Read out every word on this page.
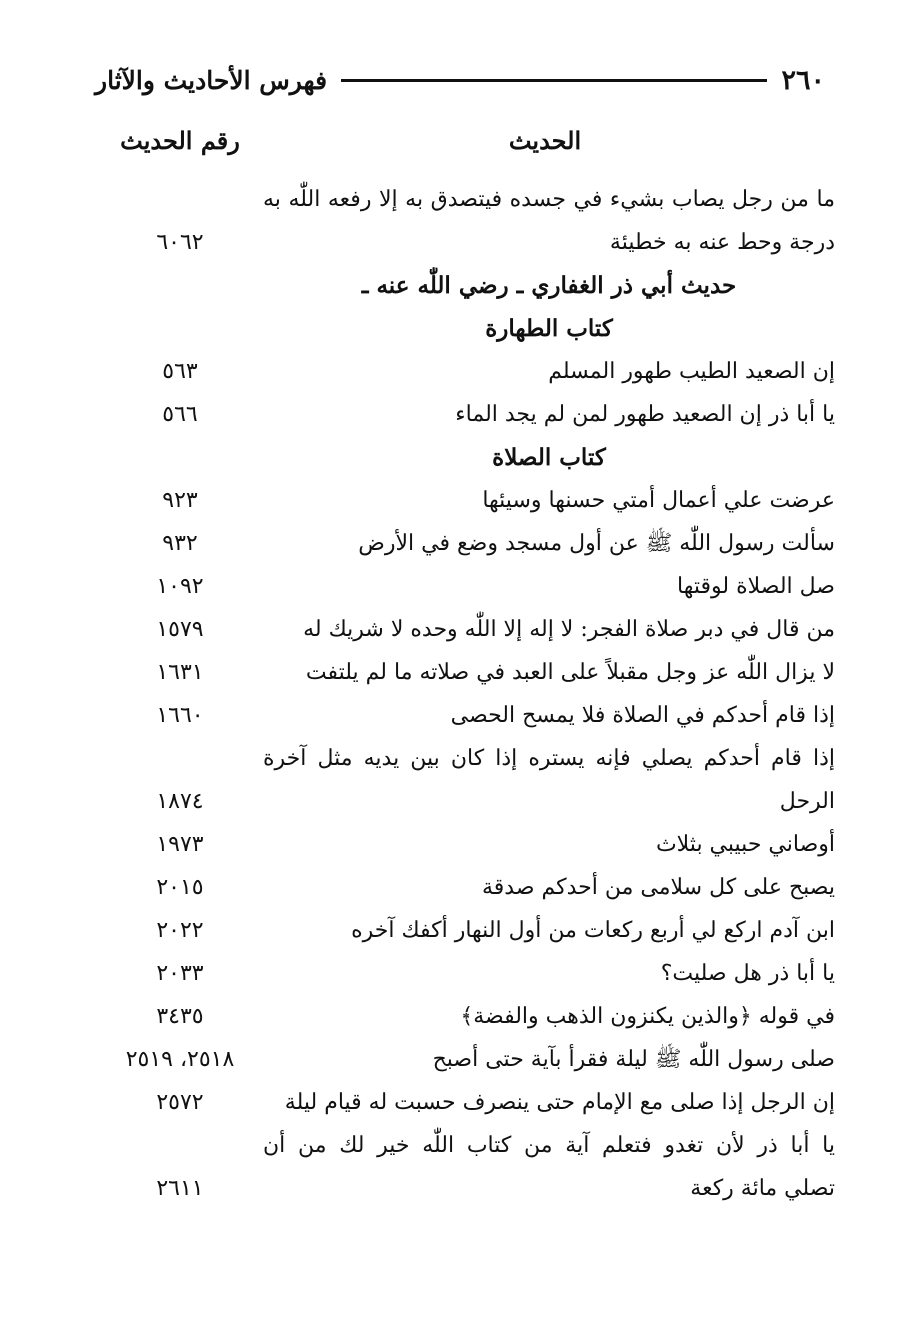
٢٦٠
فهرس الأحاديث والآثار
الحديث
رقم الحديث
ما من رجل يصاب بشيء في جسده فيتصدق به إلا رفعه اللّٰه به
درجة وحط عنه به خطيئة
٦٠٦٢
حديث أبي ذر الغفاري ـ رضي اللّٰه عنه ـ
كتاب الطهارة
إن الصعيد الطيب طهور المسلم
٥٦٣
يا أبا ذر إن الصعيد طهور لمن لم يجد الماء
٥٦٦
كتاب الصلاة
عرضت علي أعمال أمتي حسنها وسيئها
٩٢٣
سألت رسول اللّٰه ﷺ عن أول مسجد وضع في الأرض
٩٣٢
صل الصلاة لوقتها
١٠٩٢
من قال في دبر صلاة الفجر: لا إله إلا اللّٰه وحده لا شريك له
١٥٧٩
لا يزال اللّٰه عز وجل مقبلاً على العبد في صلاته ما لم يلتفت
١٦٣١
إذا قام أحدكم في الصلاة فلا يمسح الحصى
١٦٦٠
إذا قام أحدكم يصلي فإنه يستره إذا كان بين يديه مثل آخرة
الرحل
١٨٧٤
أوصاني حبيبي بثلاث
١٩٧٣
يصبح على كل سلامى من أحدكم صدقة
٢٠١٥
ابن آدم اركع لي أربع ركعات من أول النهار أكفك آخره
٢٠٢٢
يا أبا ذر هل صليت؟
٢٠٣٣
في قوله ﴿والذين يكنزون الذهب والفضة﴾
٣٤٣٥
صلى رسول اللّٰه ﷺ ليلة فقرأ بآية حتى أصبح
٢٥١٨، ٢٥١٩
إن الرجل إذا صلى مع الإمام حتى ينصرف حسبت له قيام ليلة
٢٥٧٢
يا أبا ذر لأن تغدو فتعلم آية من كتاب اللّٰه خير لك من أن
تصلي مائة ركعة
٢٦١١
